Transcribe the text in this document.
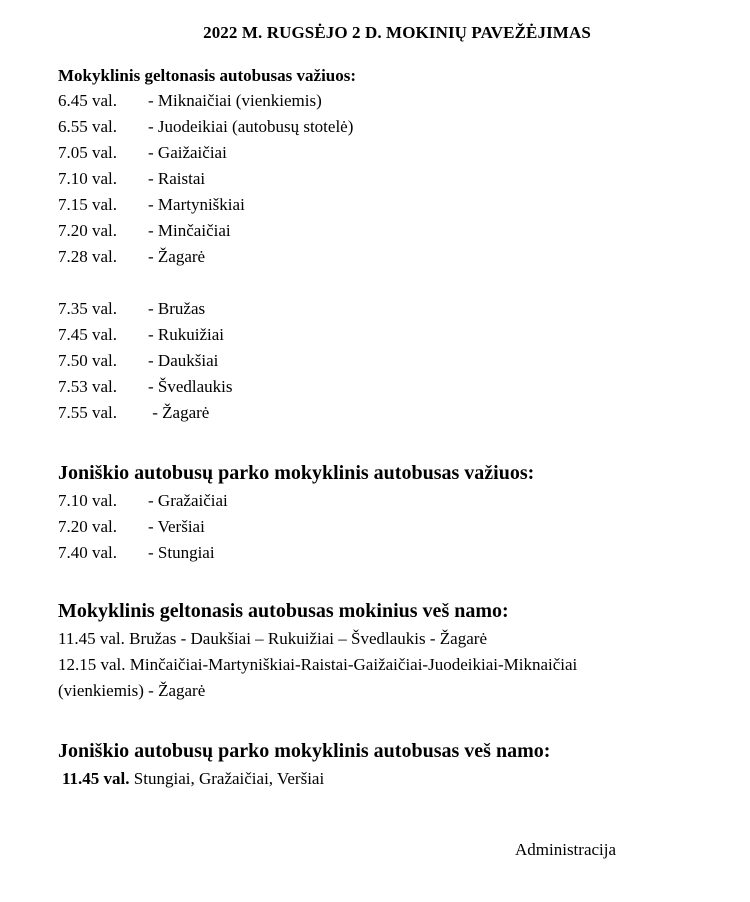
2022 M. RUGSĖJO 2 D. MOKINIŲ PAVEŽĖJIMAS
Mokyklinis geltonasis autobusas važiuos:
6.45 val. - Miknaičiai (vienkiemis)
6.55 val. - Juodeikiai (autobusų stotelė)
7.05 val. - Gaižaičiai
7.10 val. - Raistai
7.15 val. - Martyniškiai
7.20 val. - Minčaičiai
7.28 val. - Žagarė
7.35 val. - Bružas
7.45 val. - Rukuižiai
7.50 val. - Daukšiai
7.53 val. - Švedlaukis
7.55 val. - Žagarė
Joniškio autobusų parko mokyklinis autobusas važiuos:
7.10 val. - Gražaičiai
7.20 val. - Veršiai
7.40 val. - Stungiai
Mokyklinis geltonasis autobusas mokinius veš namo:
11.45 val. Bružas - Daukšiai – Rukuižiai – Švedlaukis - Žagarė
12.15 val. Minčaičiai-Martyniškiai-Raistai-Gaižaičiai-Juodeikiai-Miknaičiai
(vienkiemis) - Žagarė
Joniškio autobusų parko mokyklinis autobusas veš namo:
11.45 val. Stungiai, Gražaičiai, Veršiai
Administracija
